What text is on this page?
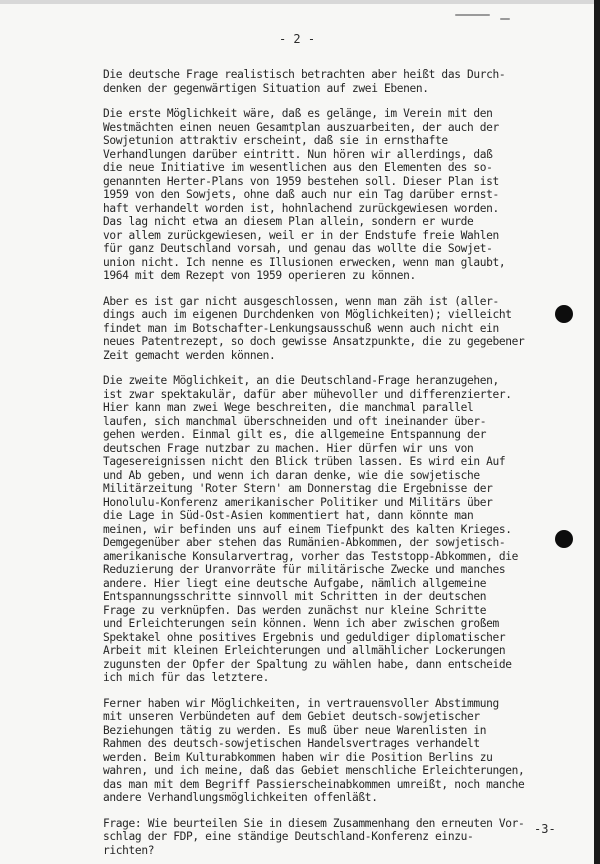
- 2 -
Die deutsche Frage realistisch betrachten aber heißt das Durch-
denken der gegenwärtigen Situation auf zwei Ebenen.
Die erste Möglichkeit wäre, daß es gelänge, im Verein mit den
Westmächten einen neuen Gesamtplan auszuarbeiten, der auch der
Sowjetunion attraktiv erscheint, daß sie in ernsthafte
Verhandlungen darüber eintritt. Nun hören wir allerdings, daß
die neue Initiative im wesentlichen aus den Elementen des so-
genannten Herter-Plans von 1959 bestehen soll. Dieser Plan ist
1959 von den Sowjets, ohne daß auch nur ein Tag darüber ernst-
haft verhandelt worden ist, hohnlachend zurückgewiesen worden.
Das lag nicht etwa an diesem Plan allein, sondern er wurde
vor allem zurückgewiesen, weil er in der Endstufe freie Wahlen
für ganz Deutschland vorsah, und genau das wollte die Sowjet-
union nicht. Ich nenne es Illusionen erwecken, wenn man glaubt,
1964 mit dem Rezept von 1959 operieren zu können.
Aber es ist gar nicht ausgeschlossen, wenn man zäh ist (aller-
dings auch im eigenen Durchdenken von Möglichkeiten); vielleicht
findet man im Botschafter-Lenkungsausschuß wenn auch nicht ein
neues Patentrezept, so doch gewisse Ansatzpunkte, die zu gegebener
Zeit gemacht werden können.
Die zweite Möglichkeit, an die Deutschland-Frage heranzugehen,
ist zwar spektakulär, dafür aber mühevoller und differenzierter.
Hier kann man zwei Wege beschreiten, die manchmal parallel
laufen, sich manchmal überschneiden und oft ineinander über-
gehen werden. Einmal gilt es, die allgemeine Entspannung der
deutschen Frage nutzbar zu machen. Hier dürfen wir uns von
Tagesereignissen nicht den Blick trüben lassen. Es wird ein Auf
und Ab geben, und wenn ich daran denke, wie die sowjetische
Militärzeitung 'Roter Stern' am Donnerstag die Ergebnisse der
Honolulu-Konferenz amerikanischer Politiker und Militärs über
die Lage in Süd-Ost-Asien kommentiert hat, dann könnte man
meinen, wir befinden uns auf einem Tiefpunkt des kalten Krieges.
Demgegenüber aber stehen das Rumänien-Abkommen, der sowjetisch-
amerikanische Konsularvertrag, vorher das Teststopp-Abkommen, die
Reduzierung der Uranvorräte für militärische Zwecke und manches
andere. Hier liegt eine deutsche Aufgabe, nämlich allgemeine
Entspannungsschritte sinnvoll mit Schritten in der deutschen
Frage zu verknüpfen. Das werden zunächst nur kleine Schritte
und Erleichterungen sein können. Wenn ich aber zwischen großem
Spektakel ohne positives Ergebnis und geduldiger diplomatischer
Arbeit mit kleinen Erleichterungen und allmählicher Lockerungen
zugunsten der Opfer der Spaltung zu wählen habe, dann entscheide
ich mich für das letztere.
Ferner haben wir Möglichkeiten, in vertrauensvoller Abstimmung
mit unseren Verbündeten auf dem Gebiet deutsch-sowjetischer
Beziehungen tätig zu werden. Es muß über neue Warenlisten in
Rahmen des deutsch-sowjetischen Handelsvertrages verhandelt
werden. Beim Kulturabkommen haben wir die Position Berlins zu
wahren, und ich meine, daß das Gebiet menschliche Erleichterungen,
das man mit dem Begriff Passierscheinabkommen umreißt, noch manche
andere Verhandlungsmöglichkeiten offenläßt.
Frage: Wie beurteilen Sie in diesem Zusammenhang den erneuten Vor-
schlag der FDP, eine ständige Deutschland-Konferenz einzu-
richten?
-3-
